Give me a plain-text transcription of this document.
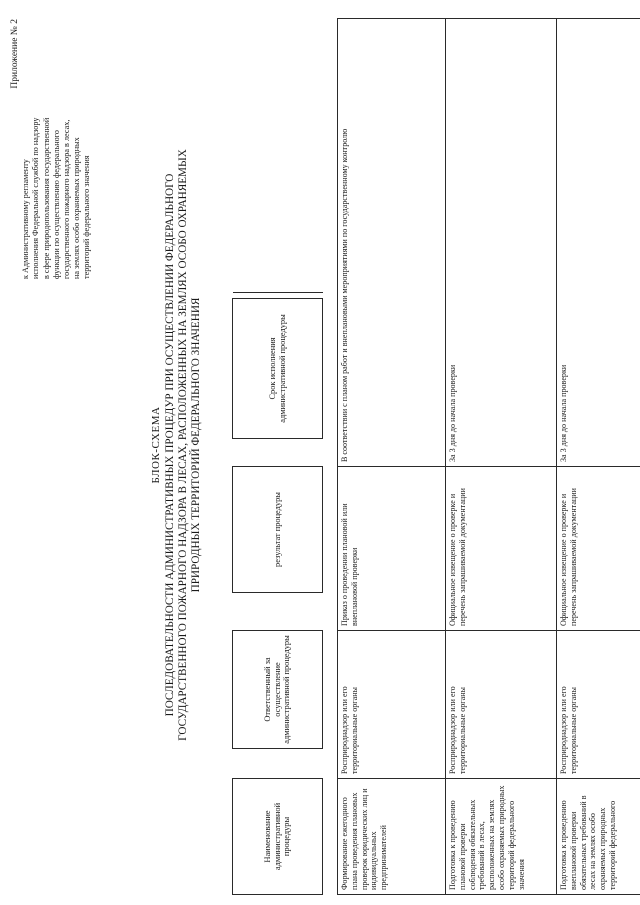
Приложение № 2
к Административному регламенту исполнения Федеральной службой по надзору в сфере природопользования государственной функции по осуществлению федерального государственного пожарного надзора в лесах, на землях особо охраняемых природных территорий федерального значения
БЛОК-СХЕМА ПОСЛЕДОВАТЕЛЬНОСТИ АДМИНИСТРАТИВНЫХ ПРОЦЕДУР ПРИ ОСУЩЕСТВЛЕНИИ ФЕДЕРАЛЬНОГО ГОСУДАРСТВЕННОГО ПОЖАРНОГО НАДЗОРА В ЛЕСАХ, РАСПОЛОЖЕННЫХ НА ЗЕМЛЯХ ОСОБО ОХРАНЯЕМЫХ ПРИРОДНЫХ ТЕРРИТОРИЙ ФЕДЕРАЛЬНОГО ЗНАЧЕНИЯ
Наименование административной процедуры		Ответственный за осуществление административной процедуры		результат процедуры		Срок исполнения административной процедуры		

Формирование ежегодного плана проведения плановых проверок юридических лиц и индивидуальных предпринимателей	Росприроднадзор или его территориальные органы		Приказ о проведении плановой или внеплановой проверки		В соответствии с планом работ и внеплановыми мероприятиями по государственному контролю			
Подготовка к проведению плановой проверки соблюдения обязательных требований в лесах, расположенных на землях особо охраняемых природных территорий федерального значения	Росприроднадзор или его территориальные органы		Официальное извещение о проверке и перечень запрашиваемой документации		За 3 дня до начала проверки			
Подготовка к проведению внеплановой проверки обязательных требований в лесах на землях особо охраняемых природных территорий федерального	Росприроднадзор или его территориальные органы		Официальное извещение о проверке и перечень запрашиваемой документации		За 3 дня до начала проверки			
